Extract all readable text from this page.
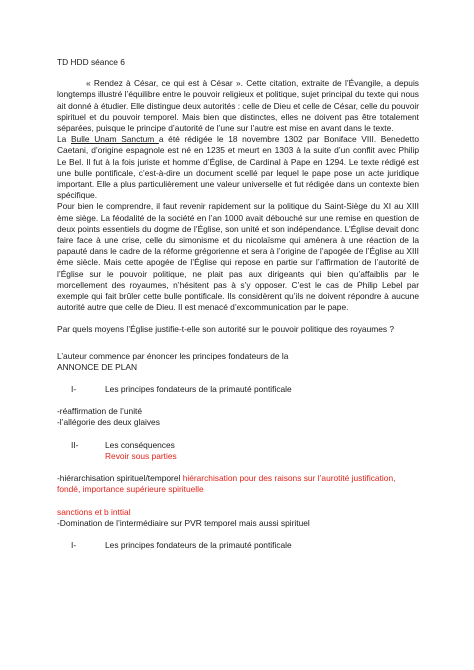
TD HDD séance 6

« Rendez à César, ce qui est à César ». Cette citation, extraite de l’Évangile, a depuis longtemps illustré l’équilibre entre le pouvoir religieux et politique, sujet principal du texte qui nous ait donné à étudier. Elle distingue deux autorités : celle de Dieu et celle de César, celle du pouvoir spirituel et du pouvoir temporel. Mais bien que distinctes, elles ne doivent pas être totalement séparées, puisque le principe d’autorité de l’une sur l’autre est mise en avant dans le texte.

La Bulle Unam Sanctum a été rédigée le 18 novembre 1302 par Boniface VIII. Benedetto Caetani, d’origine espagnole est né en 1235 et meurt en 1303 à la suite d’un conflit avec Philip Le Bel. Il fut à la fois juriste et homme d’Église, de Cardinal à Pape en 1294. Le texte rédigé est une bulle pontificale, c’est-à-dire un document scellé par lequel le pape pose un acte juridique important. Elle a plus particulièrement une valeur universelle et fut rédigée dans un contexte bien spécifique.

Pour bien le comprendre, il faut revenir rapidement sur la politique du Saint-Siège du XI au XIII ème siège. La féodalité de la société en l’an 1000 avait débouché sur une remise en question de deux points essentiels du dogme de l’Église, son unité et son indépendance. L’Église devait donc faire face à une crise, celle du simonisme et du nicolaïsme qui amènera à une réaction de la papauté dans le cadre de la réforme grégorienne et sera à l’origine de l’apogée de l’Église au XIII ème siècle. Mais cette apogée de l’Église qui repose en partie sur l’affirmation de l’autorité de l’Église sur le pouvoir politique, ne plait pas aux dirigeants qui bien qu’affaiblis par le morcellement des royaumes, n’hésitent pas à s’y opposer. C’est le cas de Philip Lebel par exemple qui fait brûler cette bulle pontificale. Ils considèrent qu’ils ne doivent répondre à aucune autorité autre que celle de Dieu. Il est menacé d’excommunication par le pape.

Par quels moyens l’Église justifie-t-elle son autorité sur le pouvoir politique des royaumes ?

L’auteur commence par énoncer les principes fondateurs de la

ANNONCE DE PLAN

I-	Les principes fondateurs de la primauté pontificale

-réaffirmation de l’unité

-l’allégorie des deux glaives

II-	Les conséquences

Revoir sous parties

-hiérarchisation spirituel/temporel hiérarchisation pour des raisons sur l’aurotité justification, fondé, importance supérieure spirituelle

sanctions et b inttial

-Domination de l’intermédiaire sur PVR temporel mais aussi spirituel

I-	Les principes fondateurs de la primauté pontificale
